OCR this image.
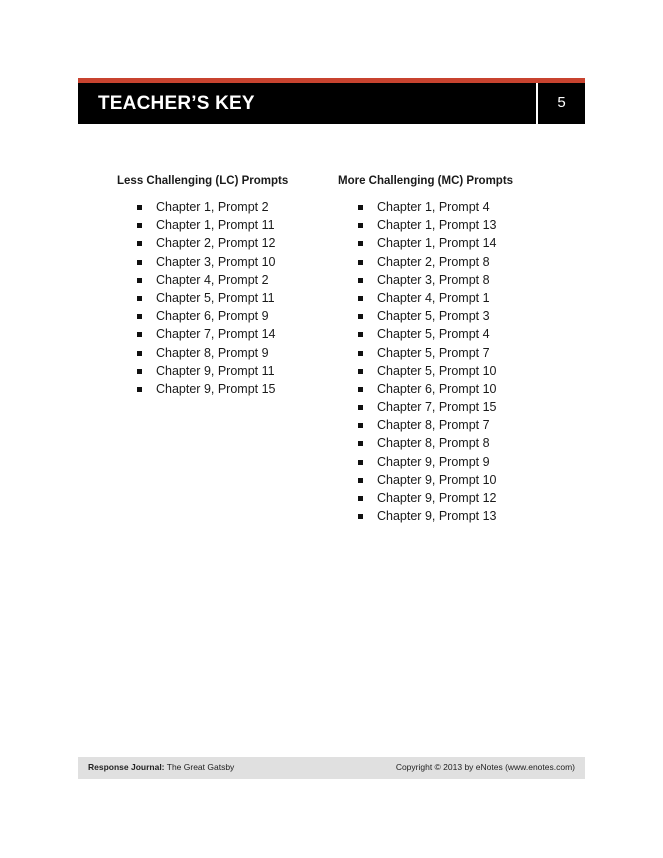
TEACHER’S KEY	5
Less Challenging (LC) Prompts
Chapter 1, Prompt 2
Chapter 1, Prompt 11
Chapter 2, Prompt 12
Chapter 3, Prompt 10
Chapter 4, Prompt 2
Chapter 5, Prompt 11
Chapter 6, Prompt 9
Chapter 7, Prompt 14
Chapter 8, Prompt 9
Chapter 9, Prompt 11
Chapter 9, Prompt 15
More Challenging (MC) Prompts
Chapter 1, Prompt 4
Chapter 1, Prompt 13
Chapter 1, Prompt 14
Chapter 2, Prompt 8
Chapter 3, Prompt 8
Chapter 4, Prompt 1
Chapter 5, Prompt 3
Chapter 5, Prompt 4
Chapter 5, Prompt 7
Chapter 5, Prompt 10
Chapter 6, Prompt 10
Chapter 7, Prompt 15
Chapter 8, Prompt 7
Chapter 8, Prompt 8
Chapter 9, Prompt 9
Chapter 9, Prompt 10
Chapter 9, Prompt 12
Chapter 9, Prompt 13
Response Journal: The Great Gatsby	Copyright © 2013 by eNotes (www.enotes.com)
